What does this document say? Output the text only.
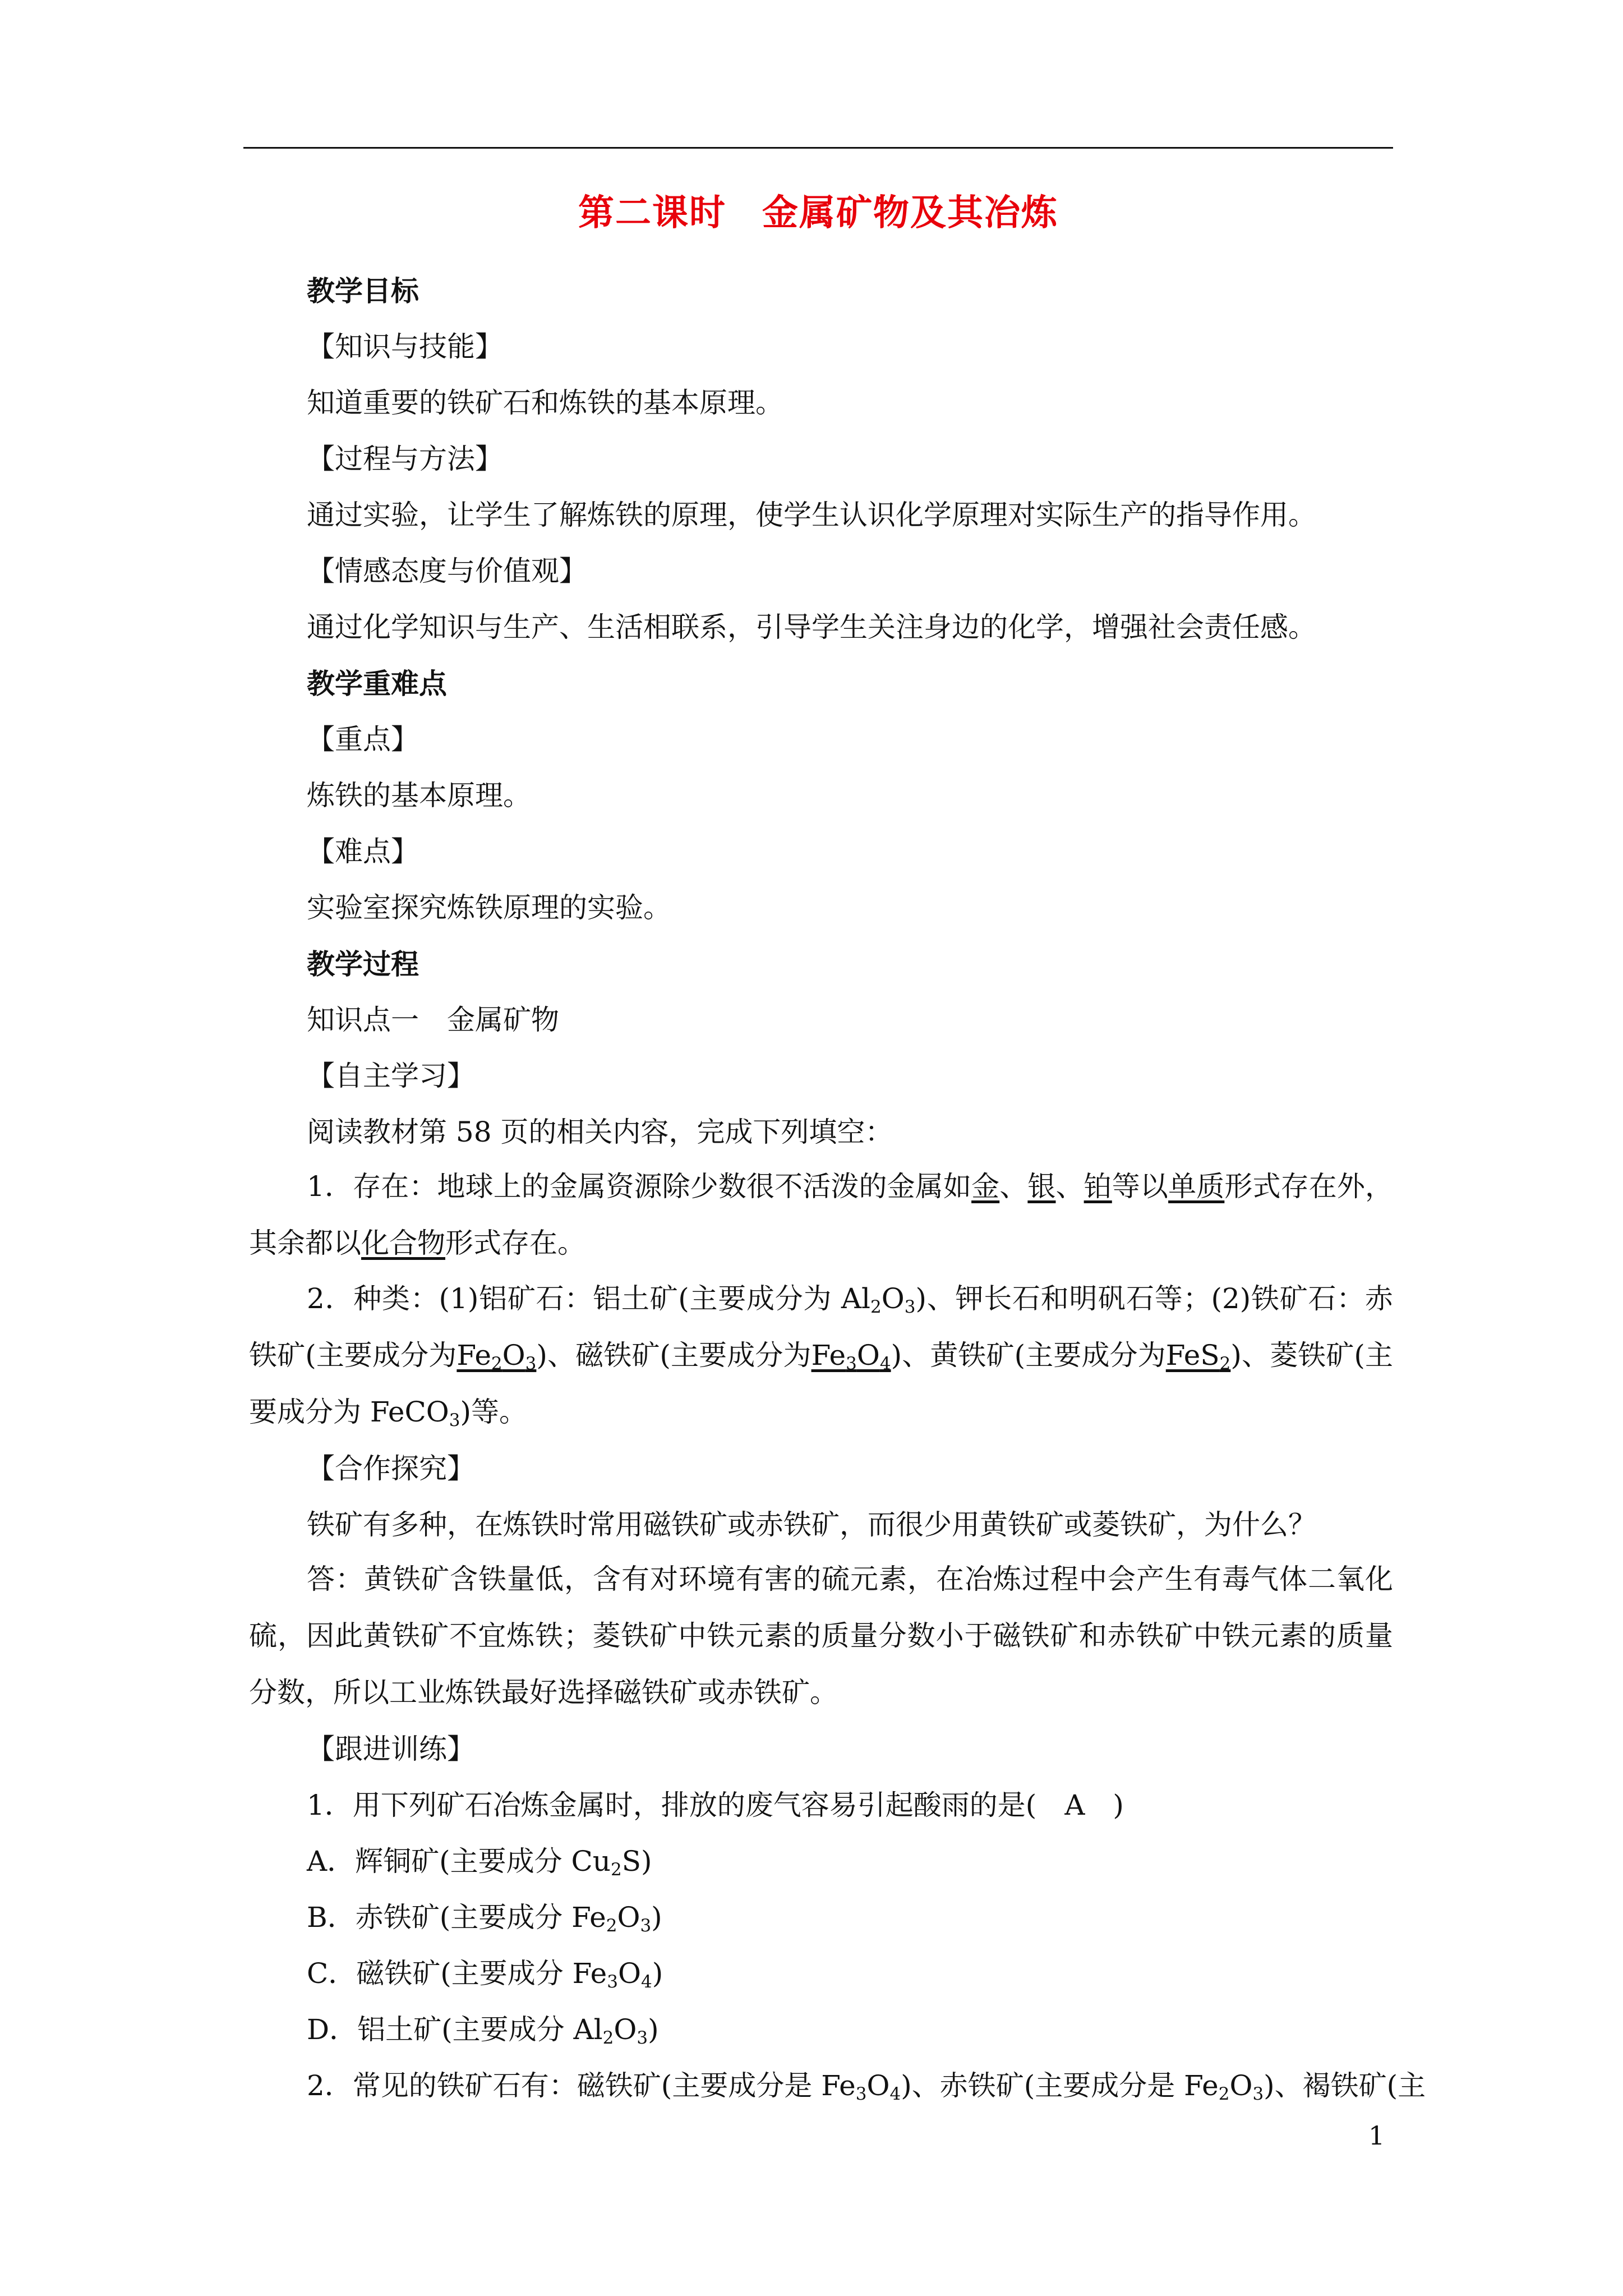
第二课时 金属矿物及其冶炼
教学目标
【知识与技能】
知道重要的铁矿石和炼铁的基本原理。
【过程与方法】
通过实验，让学生了解炼铁的原理，使学生认识化学原理对实际生产的指导作用。
【情感态度与价值观】
通过化学知识与生产、生活相联系，引导学生关注身边的化学，增强社会责任感。
教学重难点
【重点】
炼铁的基本原理。
【难点】
实验室探究炼铁原理的实验。
教学过程
知识点一　金属矿物
【自主学习】
阅读教材第 58 页的相关内容，完成下列填空：
1．存在：地球上的金属资源除少数很不活泼的金属如金、银、铂等以单质形式存在外，其余都以化合物形式存在。
2．种类：(1)铝矿石：铝土矿(主要成分为 $Al_2O_3$)、钾长石和明矾石等；(2)铁矿石：赤铁矿(主要成分为$Fe_2O_3$)、磁铁矿(主要成分为$Fe_3O_4$)、黄铁矿(主要成分为FeS$_2$)、菱铁矿(主要成分为 FeCO$_3$)等。
【合作探究】
铁矿有多种，在炼铁时常用磁铁矿或赤铁矿，而很少用黄铁矿或菱铁矿，为什么？
答：黄铁矿含铁量低，含有对环境有害的硫元素，在冶炼过程中会产生有毒气体二氧化硫，因此黄铁矿不宜炼铁；菱铁矿中铁元素的质量分数小于磁铁矿和赤铁矿中铁元素的质量分数，所以工业炼铁最好选择磁铁矿或赤铁矿。
【跟进训练】
1．用下列矿石冶炼金属时，排放的废气容易引起酸雨的是(　A　)
A．辉铜矿(主要成分 $Cu_2S$)
B．赤铁矿(主要成分 $Fe_2O_3$)
C．磁铁矿(主要成分 $Fe_3O_4$)
D．铝土矿(主要成分 $Al_2O_3$)
2．常见的铁矿石有：磁铁矿(主要成分是 $Fe_3O_4$)、赤铁矿(主要成分是 $Fe_2O_3$)、褐铁矿(主
1
